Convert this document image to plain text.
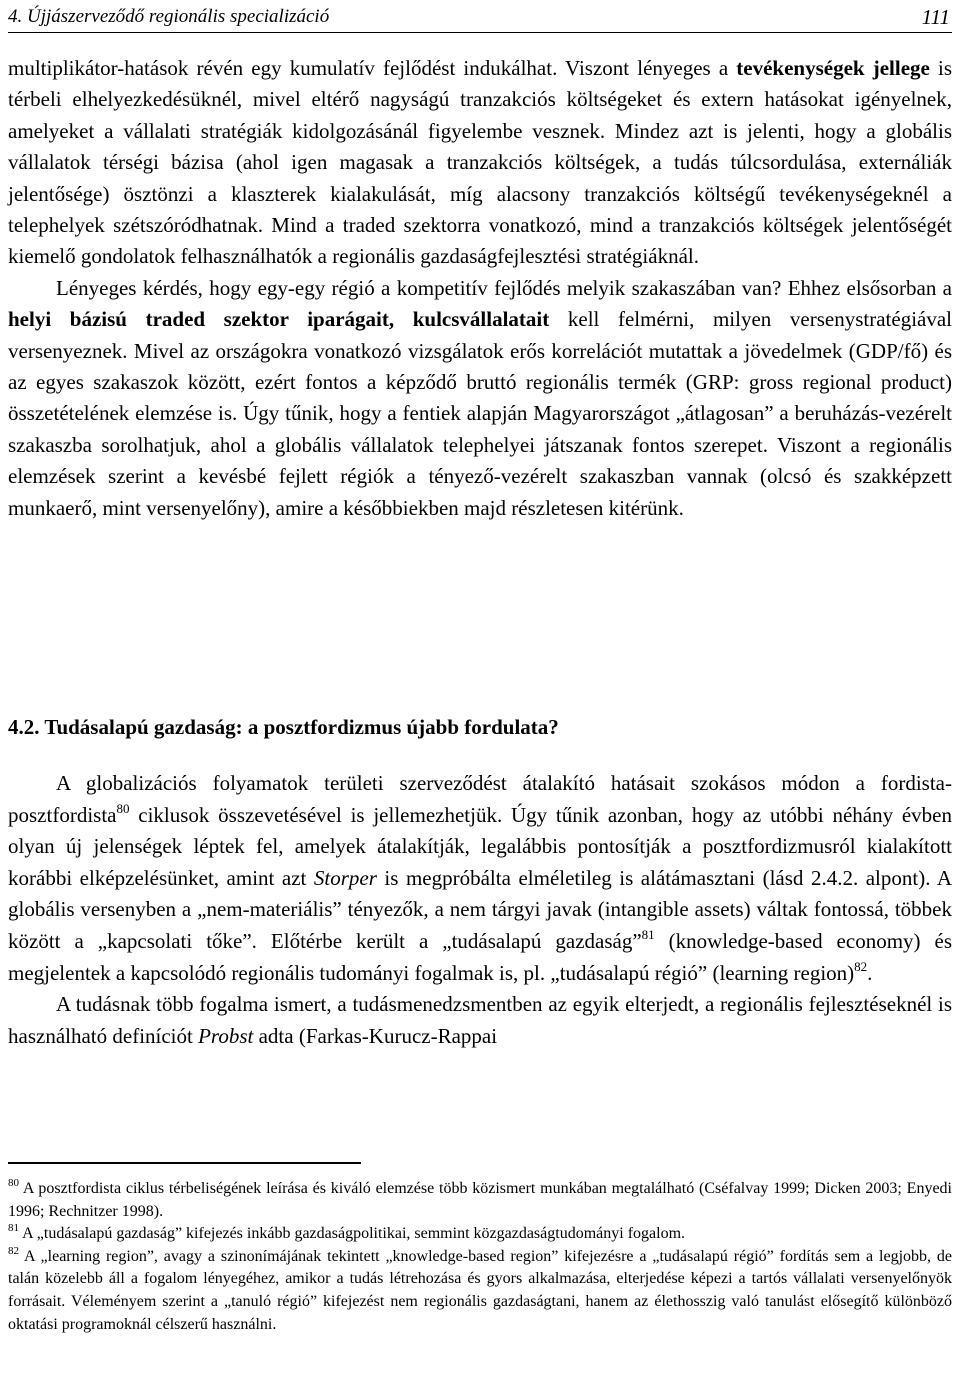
4. Újjászerveződő regionális specializáció	111

multiplikátor-hatások révén egy kumulatív fejlődést indukálhat. Viszont lényeges a tevékenységek jellege is térbeli elhelyezkedésüknél, mivel eltérő nagyságú tranzakciós költségeket és extern hatásokat igényelnek, amelyeket a vállalati stratégiák kidolgozásánál figyelembe vesznek. Mindez azt is jelenti, hogy a globális vállalatok térségi bázisa (ahol igen magasak a tranzakciós költségek, a tudás túlcsordulása, externáliák jelentősége) ösztönzi a klaszterek kialakulását, míg alacsony tranzakciós költségű tevékenységeknél a telephelyek szétszóródhatnak. Mind a traded szektorra vonatkozó, mind a tranzakciós költségek jelentőségét kiemelő gondolatok felhasználhatók a regionális gazdaságfejlesztési stratégiáknál.

Lényeges kérdés, hogy egy-egy régió a kompetitív fejlődés melyik szakaszában van? Ehhez elsősorban a helyi bázisú traded szektor iparágait, kulcsvállalatait kell felmérni, milyen versenystratégiával versenyeznek. Mivel az országokra vonatkozó vizsgálatok erős korrelációt mutattak a jövedelmek (GDP/fő) és az egyes szakaszok között, ezért fontos a képződő bruttó regionális termék (GRP: gross regional product) összetételének elemzése is. Úgy tűnik, hogy a fentiek alapján Magyarországot „átlagosan” a beruházás-vezérelt szakaszba sorolhatjuk, ahol a globális vállalatok telephelyei játszanak fontos szerepet. Viszont a regionális elemzések szerint a kevésbé fejlett régiók a tényező-vezérelt szakaszban vannak (olcsó és szakképzett munkaerő, mint versenyelőny), amire a későbbiekben majd részletesen kitérünk.

4.2. Tudásalapú gazdaság: a posztfordizmus újabb fordulata?

A globalizációs folyamatok területi szerveződést átalakító hatásait szokásos módon a fordista-posztfordista$^{80}$ ciklusok összevetésével is jellemezhetjük. Úgy tűnik azonban, hogy az utóbbi néhány évben olyan új jelenségek léptek fel, amelyek átalakítják, legalábbis pontosítják a posztfordizmusról kialakított korábbi elképzelésünket, amint azt Storper is megpróbálta elméletileg is alátámasztani (lásd 2.4.2. alpont). A globális versenyben a „nem-materiális” tényezők, a nem tárgyi javak (intangible assets) váltak fontossá, többek között a „kapcsolati tőke”. Előtérbe került a „tudásalapú gazdaság”$^{81}$ (knowledge-based economy) és megjelentek a kapcsolódó regionális tudományi fogalmak is, pl. „tudásalapú régió” (learning region)$^{82}$.

A tudásnak több fogalma ismert, a tudásmenedzsmentben az egyik elterjedt, a regionális fejlesztéseknél is használható definíciót Probst adta (Farkas-Kurucz-Rappai

$^{80}$ A posztfordista ciklus térbeliségének leírása és kiváló elemzése több közismert munkában megtalálható (Cséfalvay 1999; Dicken 2003; Enyedi 1996; Rechnitzer 1998).

$^{81}$ A „tudásalapú gazdaság” kifejezés inkább gazdaságpolitikai, semmint közgazdaságtudományi fogalom.

$^{82}$ A „learning region”, avagy a szinonímájának tekintett „knowledge-based region” kifejezésre a „tudásalapú régió” fordítás sem a legjobb, de talán közelebb áll a fogalom lényegéhez, amikor a tudás létrehozása és gyors alkalmazása, elterjedése képezi a tartós vállalati versenyelőnyök forrásait. Véleményem szerint a „tanuló régió” kifejezést nem regionális gazdaságtani, hanem az élethosszig való tanulást elősegítő különböző oktatási programoknál célszerű használni.
